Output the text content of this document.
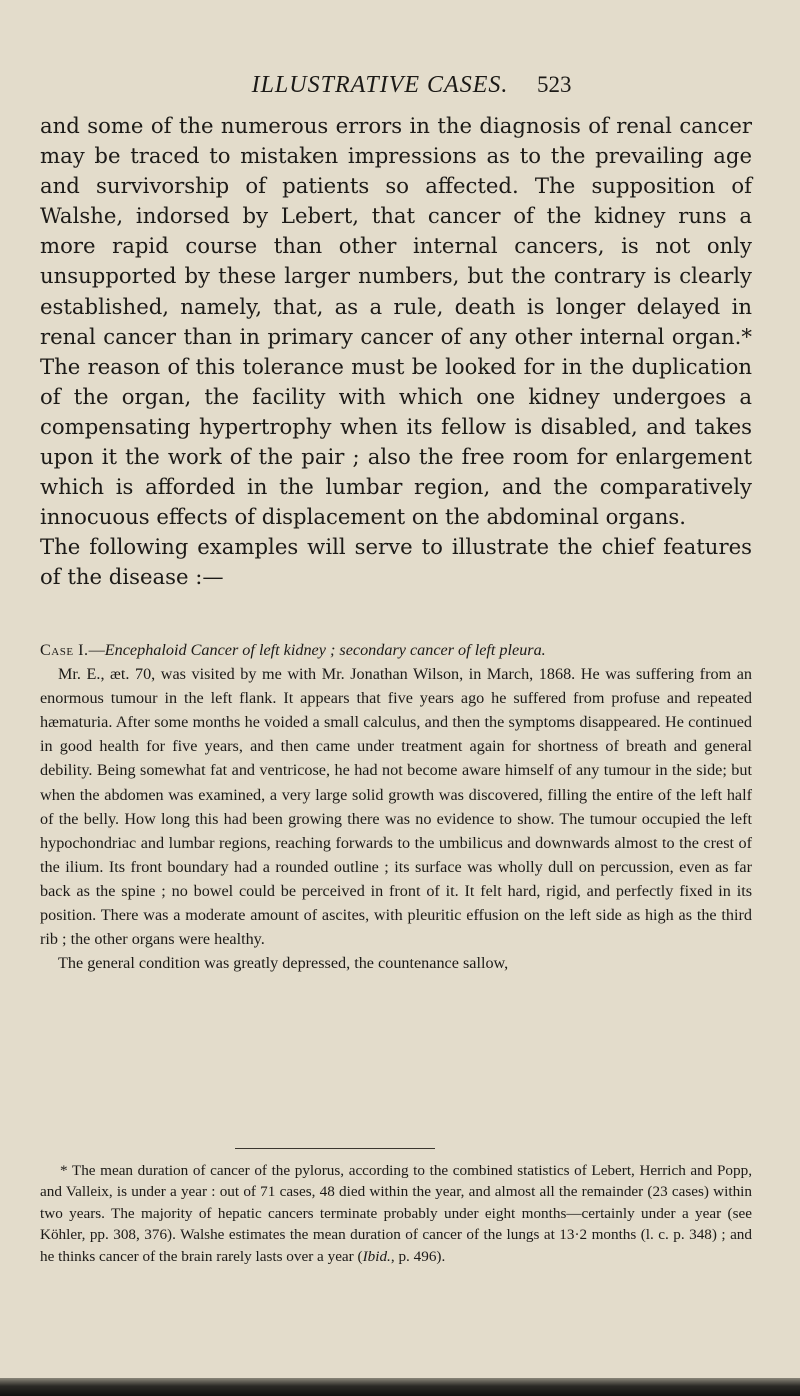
ILLUSTRATIVE CASES.	523

and some of the numerous errors in the diagnosis of renal cancer may be traced to mistaken impressions as to the prevailing age and survivorship of patients so affected. The supposition of Walshe, indorsed by Lebert, that cancer of the kidney runs a more rapid course than other internal cancers, is not only unsupported by these larger numbers, but the contrary is clearly established, namely, that, as a rule, death is longer delayed in renal cancer than in primary cancer of any other internal organ.* The reason of this tolerance must be looked for in the duplication of the organ, the facility with which one kidney undergoes a compensating hypertrophy when its fellow is disabled, and takes upon it the work of the pair ; also the free room for enlargement which is afforded in the lumbar region, and the comparatively innocuous effects of displacement on the abdominal organs.

The following examples will serve to illustrate the chief features of the disease :—

Case I.—Encephaloid Cancer of left kidney ; secondary cancer of left pleura.

Mr. E., æt. 70, was visited by me with Mr. Jonathan Wilson, in March, 1868. He was suffering from an enormous tumour in the left flank. It appears that five years ago he suffered from profuse and repeated hæmaturia. After some months he voided a small calculus, and then the symptoms disappeared. He continued in good health for five years, and then came under treatment again for shortness of breath and general debility. Being somewhat fat and ventricose, he had not become aware himself of any tumour in the side; but when the abdomen was examined, a very large solid growth was discovered, filling the entire of the left half of the belly. How long this had been growing there was no evidence to show. The tumour occupied the left hypochondriac and lumbar regions, reaching forwards to the umbilicus and downwards almost to the crest of the ilium. Its front boundary had a rounded outline ; its surface was wholly dull on percussion, even as far back as the spine ; no bowel could be perceived in front of it. It felt hard, rigid, and perfectly fixed in its position. There was a moderate amount of ascites, with pleuritic effusion on the left side as high as the third rib ; the other organs were healthy.

The general condition was greatly depressed, the countenance sallow,

* The mean duration of cancer of the pylorus, according to the combined statistics of Lebert, Herrich and Popp, and Valleix, is under a year : out of 71 cases, 48 died within the year, and almost all the remainder (23 cases) within two years. The majority of hepatic cancers terminate probably under eight months—certainly under a year (see Köhler, pp. 308, 376). Walshe estimates the mean duration of cancer of the lungs at 13·2 months (l. c. p. 348) ; and he thinks cancer of the brain rarely lasts over a year (Ibid., p. 496).
